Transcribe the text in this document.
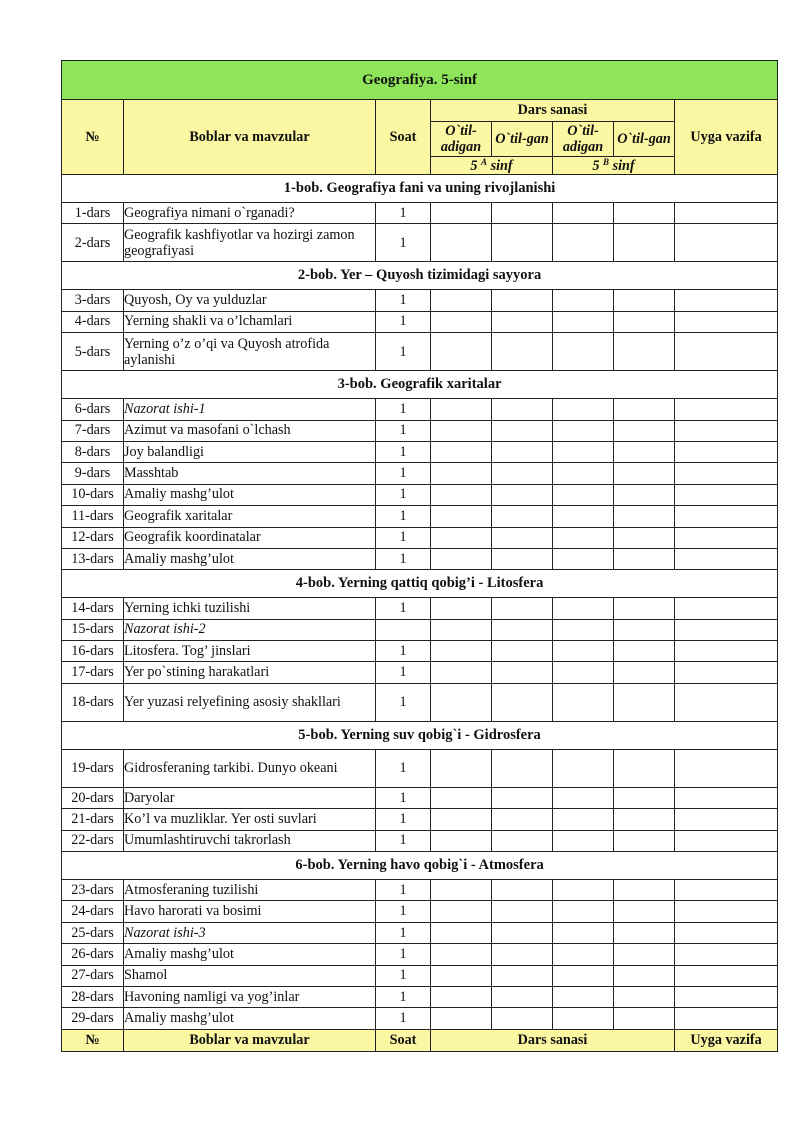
Geografiya. 5-sinf							
№	Boblar va mavzular	Soat	Dars sanasi				Uyga vazifa
			O`til-adigan	O`til-gan	O`til-adigan	O`til-gan	
			5 $^A$ sinf		5 $^B$ sinf		
1-bob. Geografiya fani va uning rivojlanishi							
1-dars	Geografiya nimani o`rganadi?	1					
2-dars	Geografik kashfiyotlar va hozirgi zamon geografiyasi	1					
2-bob. Yer – Quyosh tizimidagi sayyora							
3-dars	Quyosh, Oy va yulduzlar	1					
4-dars	Yerning shakli va o’lchamlari	1					
5-dars	Yerning o’z o’qi va Quyosh atrofida aylanishi	1					
3-bob. Geografik xaritalar							
6-dars	Nazorat ishi-1	1					
7-dars	Azimut va masofani o`lchash	1					
8-dars	Joy balandligi	1					
9-dars	Masshtab	1					
10-dars	Amaliy mashg’ulot	1					
11-dars	Geografik xaritalar	1					
12-dars	Geografik koordinatalar	1					
13-dars	Amaliy mashg’ulot	1					
4-bob. Yerning qattiq qobig’i - Litosfera							
14-dars	Yerning ichki tuzilishi	1					
15-dars	Nazorat ishi-2						
16-dars	Litosfera. Tog’ jinslari	1					
17-dars	Yer po`stining harakatlari	1					
18-dars	Yer yuzasi relyefining asosiy shakllari	1					
5-bob. Yerning suv qobig`i - Gidrosfera							
19-dars	Gidrosferaning tarkibi. Dunyo okeani	1					
20-dars	Daryolar	1					
21-dars	Ko’l va muzliklar. Yer osti suvlari	1					
22-dars	Umumlashtiruvchi takrorlash	1					
6-bob. Yerning havo qobig`i - Atmosfera							
23-dars	Atmosferaning tuzilishi	1					
24-dars	Havo harorati va bosimi	1					
25-dars	Nazorat ishi-3	1					
26-dars	Amaliy mashg’ulot	1					
27-dars	Shamol	1					
28-dars	Havoning namligi va yog’inlar	1					
29-dars	Amaliy mashg’ulot	1					
№	Boblar va mavzular	Soat	Dars sanasi				Uyga vazifa
